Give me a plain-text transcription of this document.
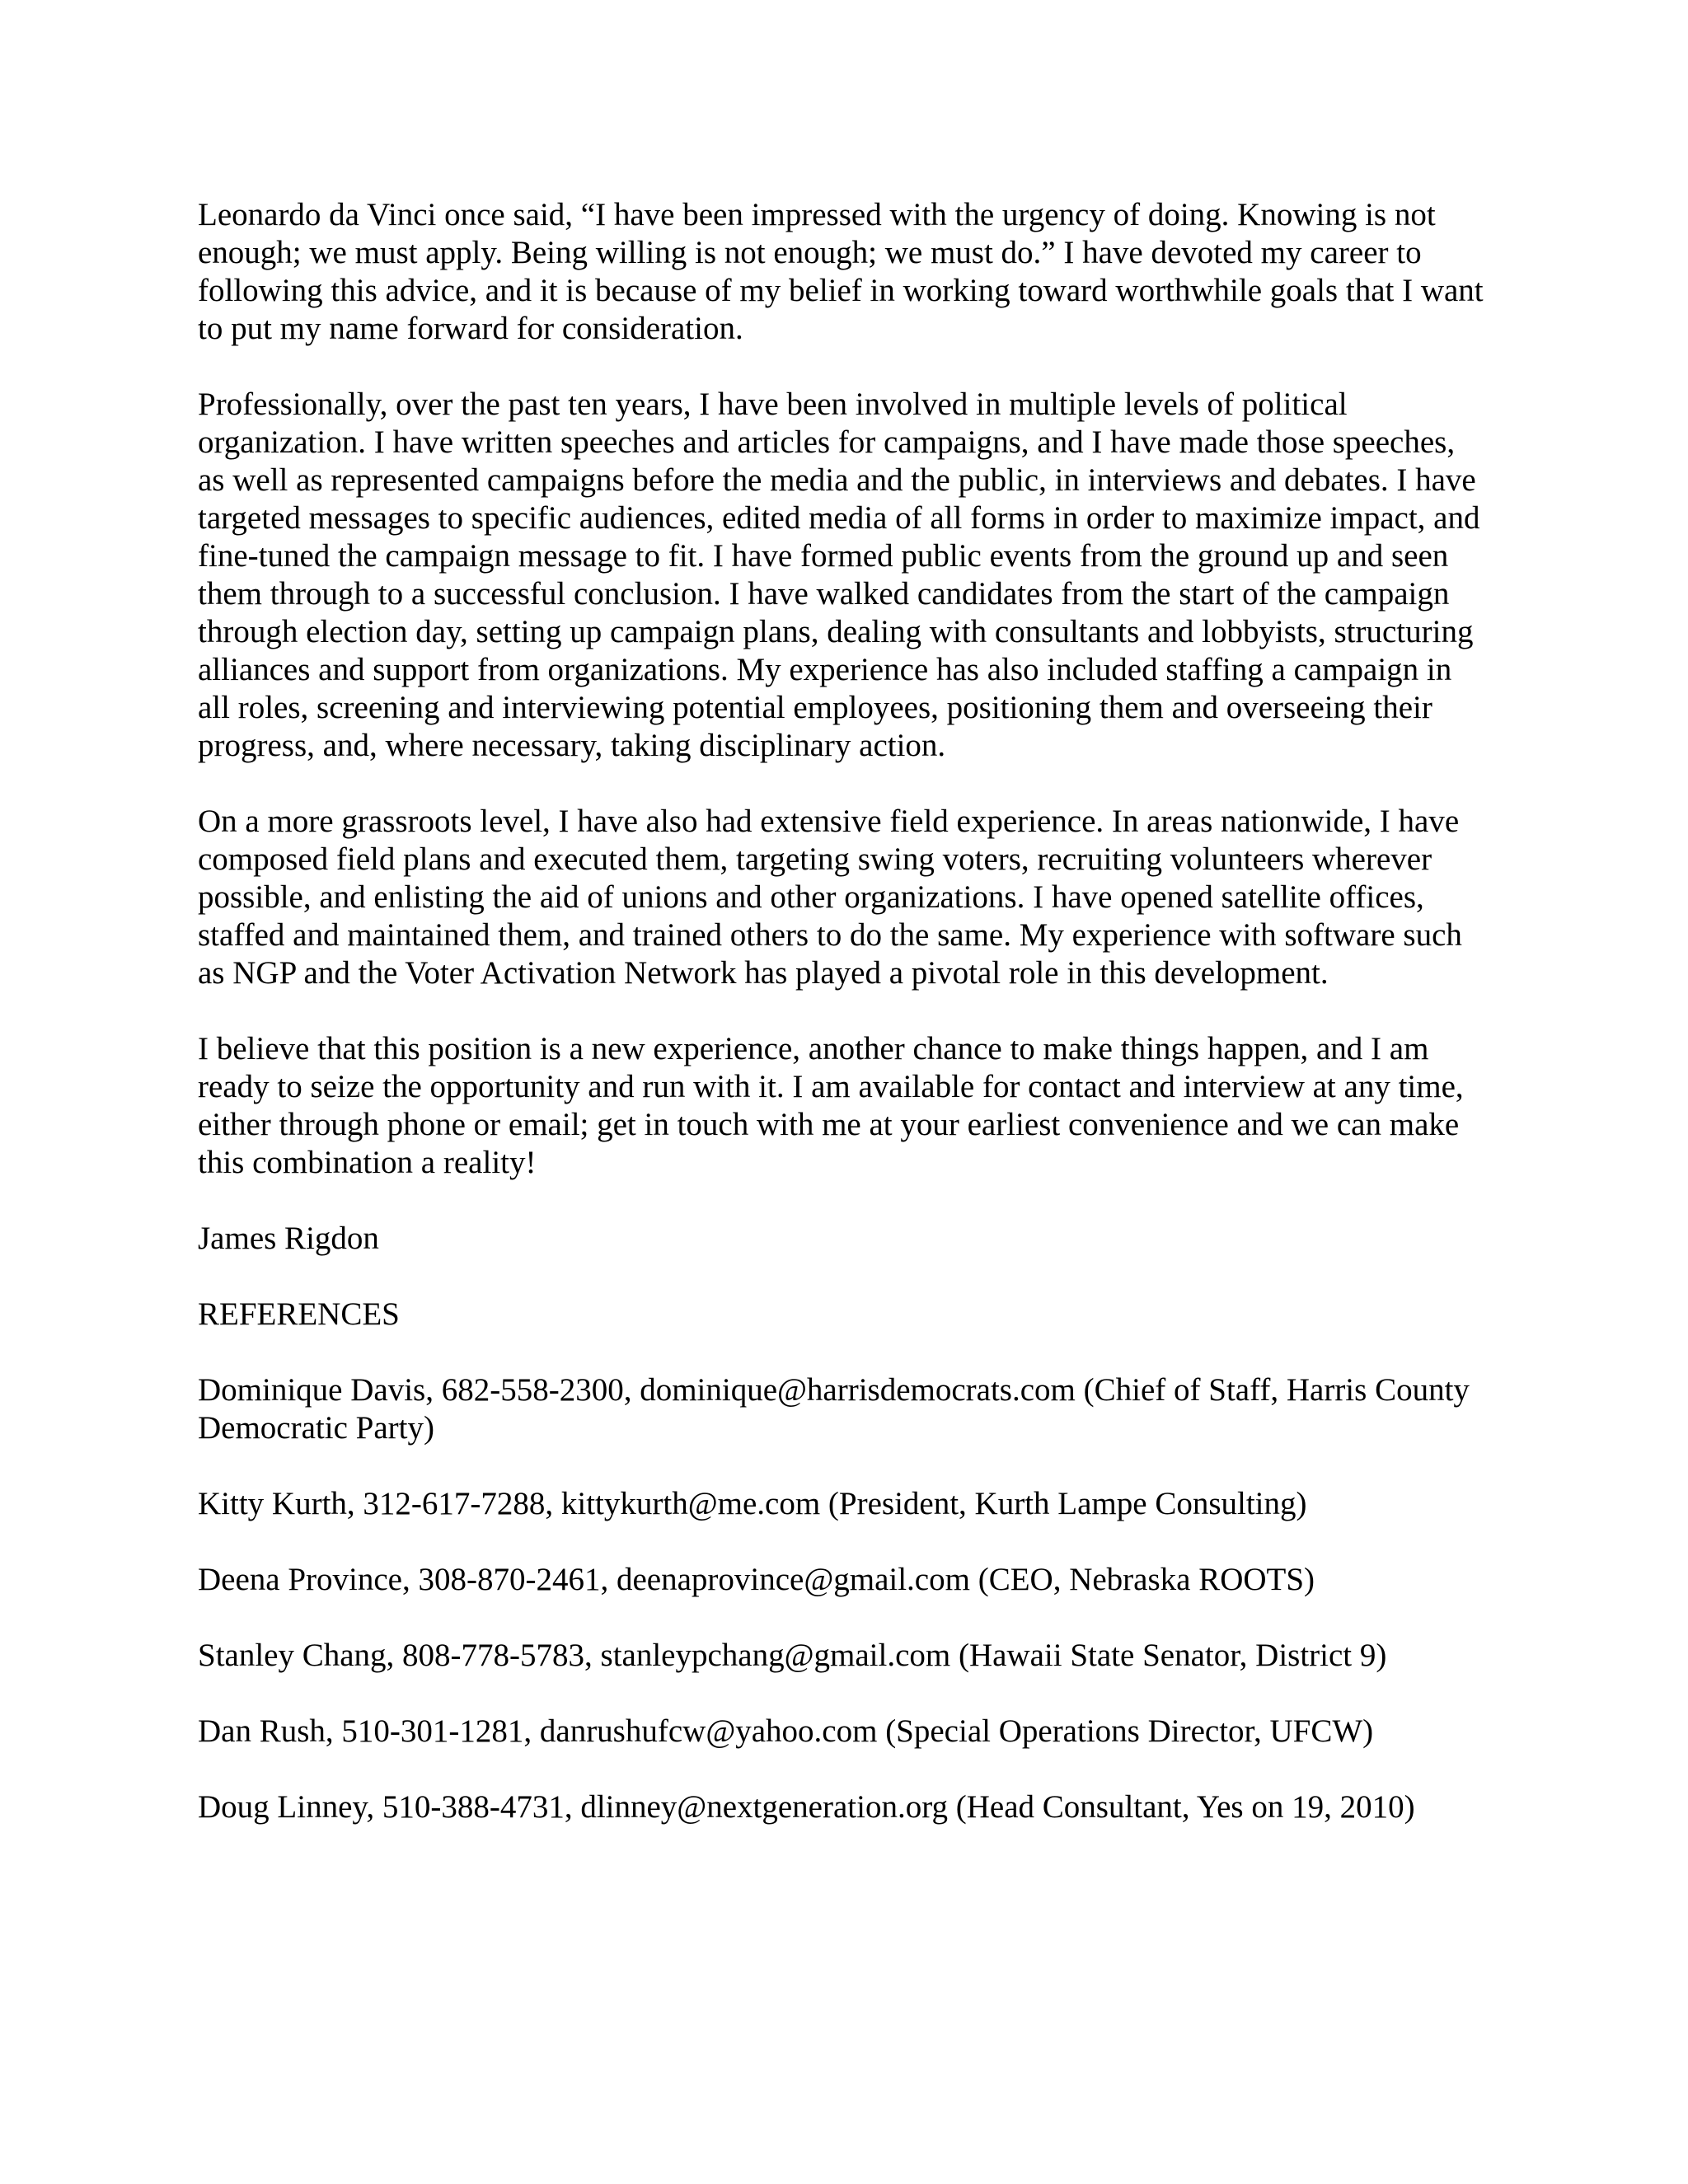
Leonardo da Vinci once said, “I have been impressed with the urgency of doing. Knowing is not enough; we must apply. Being willing is not enough; we must do.” I have devoted my career to following this advice, and it is because of my belief in working toward worthwhile goals that I want to put my name forward for consideration.

Professionally, over the past ten years, I have been involved in multiple levels of political organization. I have written speeches and articles for campaigns, and I have made those speeches, as well as represented campaigns before the media and the public, in interviews and debates. I have targeted messages to specific audiences, edited media of all forms in order to maximize impact, and fine-tuned the campaign message to fit. I have formed public events from the ground up and seen them through to a successful conclusion. I have walked candidates from the start of the campaign through election day, setting up campaign plans, dealing with consultants and lobbyists, structuring alliances and support from organizations. My experience has also included staffing a campaign in all roles, screening and interviewing potential employees, positioning them and overseeing their progress, and, where necessary, taking disciplinary action.

On a more grassroots level, I have also had extensive field experience. In areas nationwide, I have composed field plans and executed them, targeting swing voters, recruiting volunteers wherever possible, and enlisting the aid of unions and other organizations. I have opened satellite offices, staffed and maintained them, and trained others to do the same. My experience with software such as NGP and the Voter Activation Network has played a pivotal role in this development.

I believe that this position is a new experience, another chance to make things happen, and I am ready to seize the opportunity and run with it. I am available for contact and interview at any time, either through phone or email; get in touch with me at your earliest convenience and we can make this combination a reality!

James Rigdon

REFERENCES

Dominique Davis, 682-558-2300, dominique@harrisdemocrats.com (Chief of Staff, Harris County Democratic Party)

Kitty Kurth, 312-617-7288, kittykurth@me.com (President, Kurth Lampe Consulting)

Deena Province, 308-870-2461, deenaprovince@gmail.com (CEO, Nebraska ROOTS)

Stanley Chang, 808-778-5783, stanleypchang@gmail.com (Hawaii State Senator, District 9)

Dan Rush, 510-301-1281, danrushufcw@yahoo.com (Special Operations Director, UFCW)

Doug Linney, 510-388-4731, dlinney@nextgeneration.org (Head Consultant, Yes on 19, 2010)
